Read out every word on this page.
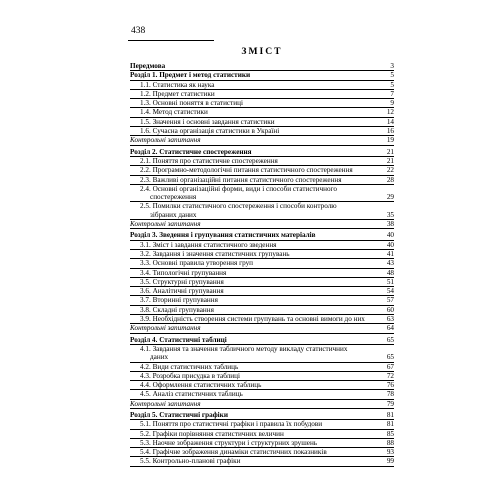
438
ЗМІСТ
Передмова	3
Розділ 1. Предмет і метод статистики	5
1.1. Статистика як наука	5
1.2. Предмет статистики	7
1.3. Основні поняття в статистиці	9
1.4. Метод статистики	12
1.5. Значення і основні завдання статистики	14
1.6. Сучасна організація статистики в Україні	16
Контрольні запитання	19
Розділ 2. Статистичне спостереження	21
2.1. Поняття про статистичне спостереження	21
2.2. Програмно-методологічні питання статистичного спостереження	22
2.3. Важливі організаційні питання статистичного спостереження	28
2.4. Основні організаційні форми, види і способи статистичного
спостереження	29
2.5. Помилки статистичного спостереження і способи контролю
зібраних даних	35
Контрольні запитання	38
Розділ 3. Зведення і групування статистичних матеріалів	40
3.1. Зміст і завдання статистичного зведення	40
3.2. Завдання і значення статистичних групувань	41
3.3. Основні правила утворення груп	43
3.4. Типологічні групування	48
3.5. Структурні групування	51
3.6. Аналітичні групування	54
3.7. Вторинні групування	57
3.8. Складні групування	60
3.9. Необхідність створення системи групувань та основні вимоги до них	63
Контрольні запитання	64
Розділ 4. Статистичні таблиці	65
4.1. Завдання та значення табличного методу викладу статистичних
даних	65
4.2. Види статистичних таблиць	67
4.3. Розробка присудка в таблиці	72
4.4. Оформлення статистичних таблиць	76
4.5. Аналіз статистичних таблиць	78
Контрольні запитання	79
Розділ 5. Статистичні графіки	81
5.1. Поняття про статистичні графіки і правила їх побудови	81
5.2. Графіки порівняння статистичних величин	85
5.3. Наочне зображення структури і структурних зрушень	88
5.4. Графічне зображення динаміки статистичних показників	93
5.5. Контрольно-планові графіки	99
